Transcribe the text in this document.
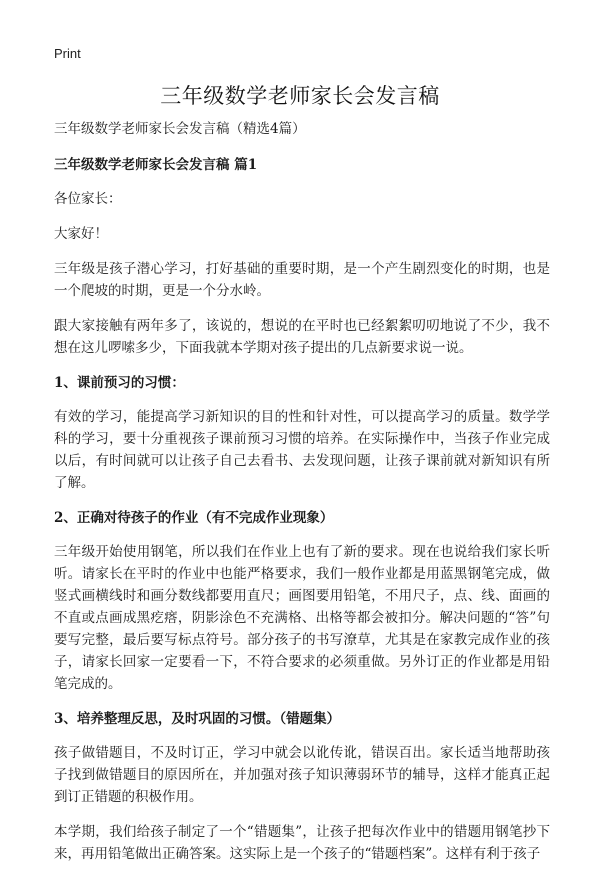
Print
三年级数学老师家长会发言稿
三年级数学老师家长会发言稿（精选4篇）
三年级数学老师家长会发言稿 篇1
各位家长：
大家好！
三年级是孩子潜心学习，打好基础的重要时期，是一个产生剧烈变化的时期，也是一个爬坡的时期，更是一个分水岭。
跟大家接触有两年多了，该说的，想说的在平时也已经絮絮叨叨地说了不少，我不想在这儿啰嗦多少，下面我就本学期对孩子提出的几点新要求说一说。
1、课前预习的习惯：
有效的学习，能提高学习新知识的目的性和针对性，可以提高学习的质量。数学学科的学习，要十分重视孩子课前预习习惯的培养。在实际操作中，当孩子作业完成以后，有时间就可以让孩子自己去看书、去发现问题，让孩子课前就对新知识有所了解。
2、正确对待孩子的作业（有不完成作业现象）
三年级开始使用钢笔，所以我们在作业上也有了新的要求。现在也说给我们家长听听。请家长在平时的作业中也能严格要求，我们一般作业都是用蓝黑钢笔完成，做竖式画横线时和画分数线都要用直尺；画图要用铅笔，不用尺子，点、线、面画的不直或点画成黑疙瘩，阴影涂色不充满格、出格等都会被扣分。解决问题的“答”句要写完整，最后要写标点符号。部分孩子的书写潦草，尤其是在家教完成作业的孩子，请家长回家一定要看一下，不符合要求的必须重做。另外订正的作业都是用铅笔完成的。
3、培养整理反思，及时巩固的习惯。（错题集）
孩子做错题目，不及时订正，学习中就会以讹传讹，错误百出。家长适当地帮助孩子找到做错题目的原因所在，并加强对孩子知识薄弱环节的辅导，这样才能真正起到订正错题的积极作用。
本学期，我们给孩子制定了一个“错题集”，让孩子把每次作业中的错题用钢笔抄下来，再用铅笔做出正确答案。这实际上是一个孩子的“错题档案”。这样有利于孩子
